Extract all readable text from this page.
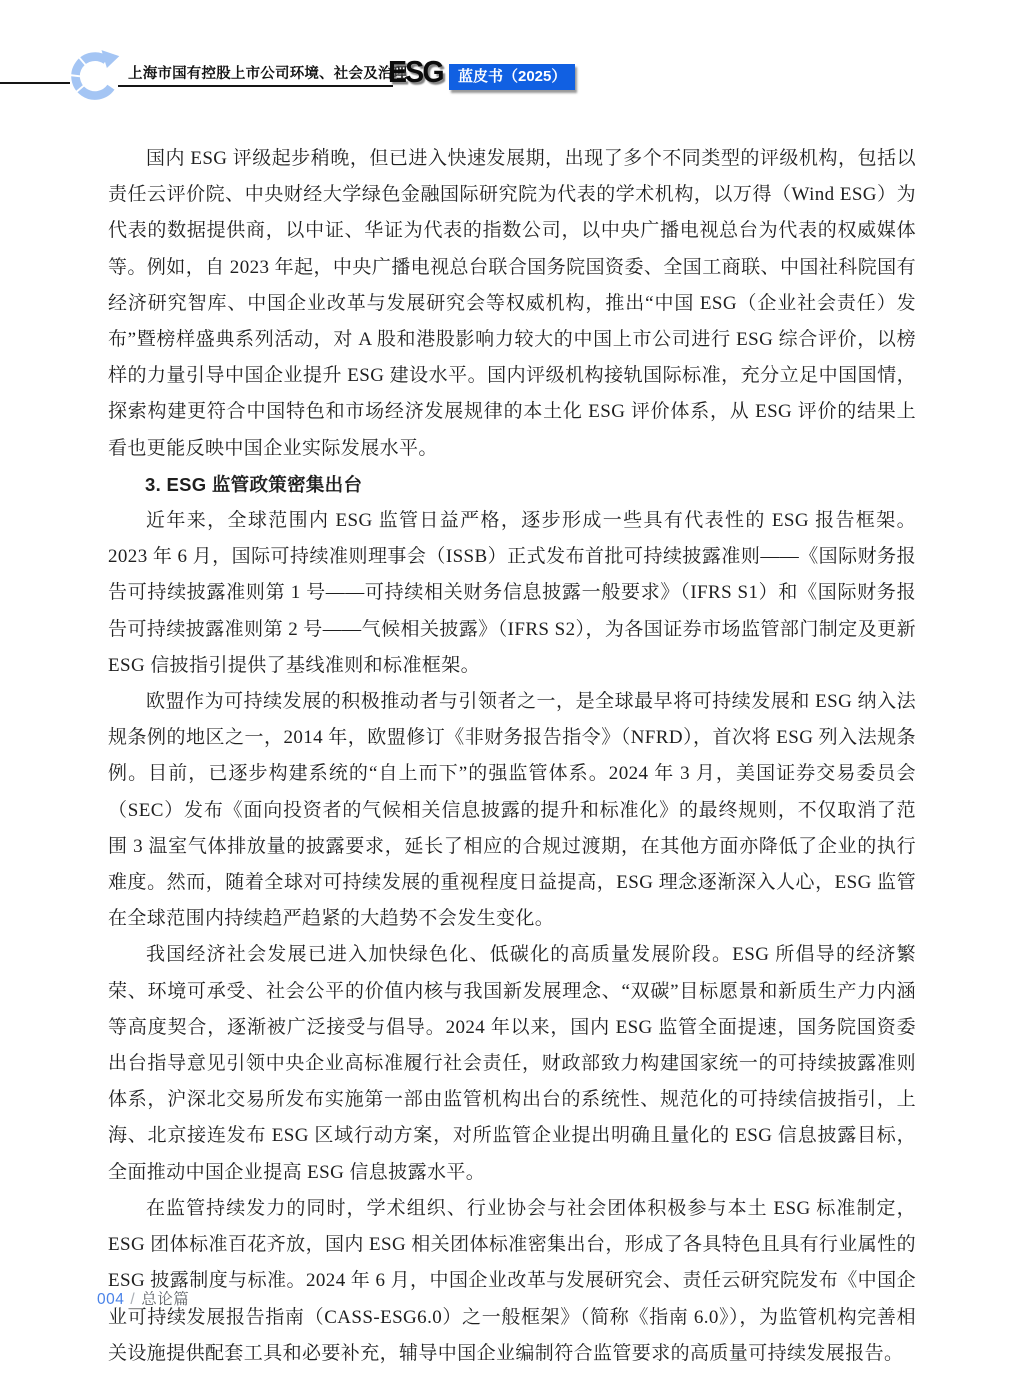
上海市国有控股上市公司环境、社会及治理
ESG	蓝皮书（2025）

国内 ESG 评级起步稍晚，但已进入快速发展期，出现了多个不同类型的评级机构，包括以责任云评价院、中央财经大学绿色金融国际研究院为代表的学术机构，以万得（Wind ESG）为代表的数据提供商，以中证、华证为代表的指数公司，以中央广播电视总台为代表的权威媒体等。例如，自 2023 年起，中央广播电视总台联合国务院国资委、全国工商联、中国社科院国有经济研究智库、中国企业改革与发展研究会等权威机构，推出“中国 ESG（企业社会责任）发布”暨榜样盛典系列活动，对 A 股和港股影响力较大的中国上市公司进行 ESG 综合评价，以榜样的力量引导中国企业提升 ESG 建设水平。国内评级机构接轨国际标准，充分立足中国国情，探索构建更符合中国特色和市场经济发展规律的本土化 ESG 评价体系，从 ESG 评价的结果上看也更能反映中国企业实际发展水平。

3. ESG 监管政策密集出台

近年来，全球范围内 ESG 监管日益严格，逐步形成一些具有代表性的 ESG 报告框架。2023 年 6 月，国际可持续准则理事会（ISSB）正式发布首批可持续披露准则——《国际财务报告可持续披露准则第 1 号——可持续相关财务信息披露一般要求》（IFRS S1）和《国际财务报告可持续披露准则第 2 号——气候相关披露》（IFRS S2），为各国证券市场监管部门制定及更新 ESG 信披指引提供了基线准则和标准框架。

欧盟作为可持续发展的积极推动者与引领者之一，是全球最早将可持续发展和 ESG 纳入法规条例的地区之一，2014 年，欧盟修订《非财务报告指令》（NFRD），首次将 ESG 列入法规条例。目前，已逐步构建系统的“自上而下”的强监管体系。2024 年 3 月，美国证券交易委员会（SEC）发布《面向投资者的气候相关信息披露的提升和标准化》的最终规则，不仅取消了范围 3 温室气体排放量的披露要求，延长了相应的合规过渡期，在其他方面亦降低了企业的执行难度。然而，随着全球对可持续发展的重视程度日益提高，ESG 理念逐渐深入人心，ESG 监管在全球范围内持续趋严趋紧的大趋势不会发生变化。

我国经济社会发展已进入加快绿色化、低碳化的高质量发展阶段。ESG 所倡导的经济繁荣、环境可承受、社会公平的价值内核与我国新发展理念、“双碳”目标愿景和新质生产力内涵等高度契合，逐渐被广泛接受与倡导。2024 年以来，国内 ESG 监管全面提速，国务院国资委出台指导意见引领中央企业高标准履行社会责任，财政部致力构建国家统一的可持续披露准则体系，沪深北交易所发布实施第一部由监管机构出台的系统性、规范化的可持续信披指引，上海、北京接连发布 ESG 区域行动方案，对所监管企业提出明确且量化的 ESG 信息披露目标，全面推动中国企业提高 ESG 信息披露水平。

在监管持续发力的同时，学术组织、行业协会与社会团体积极参与本土 ESG 标准制定，ESG 团体标准百花齐放，国内 ESG 相关团体标准密集出台，形成了各具特色且具有行业属性的 ESG 披露制度与标准。2024 年 6 月，中国企业改革与发展研究会、责任云研究院发布《中国企业可持续发展报告指南（CASS-ESG6.0）之一般框架》（简称《指南 6.0》），为监管机构完善相关设施提供配套工具和必要补充，辅导中国企业编制符合监管要求的高质量可持续发展报告。

004 / 总论篇
